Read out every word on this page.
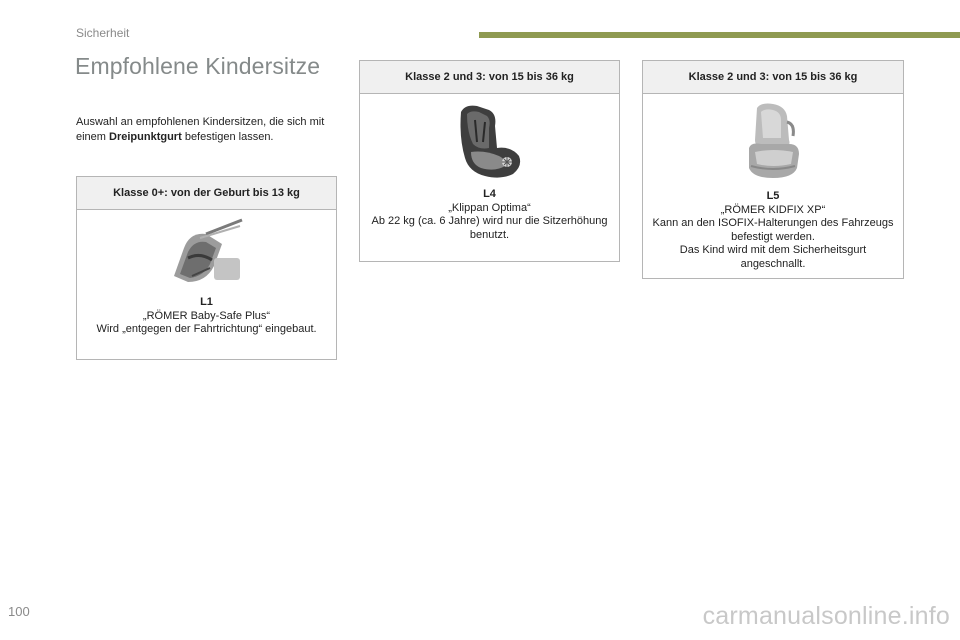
Sicherheit
Empfohlene Kindersitze
Auswahl an empfohlenen Kindersitzen, die sich mit einem Dreipunktgurt befestigen lassen.
Klasse 0+: von der Geburt bis 13 kg
L1
„RÖMER Baby-Safe Plus“
Wird „entgegen der Fahrtrichtung“ eingebaut.
Klasse 2 und 3: von 15 bis 36 kg
L4
„Klippan Optima“
Ab 22 kg (ca. 6 Jahre) wird nur die Sitzerhöhung benutzt.
Klasse 2 und 3: von 15 bis 36 kg
L5
„RÖMER KIDFIX XP“
Kann an den ISOFIX-Halterungen des Fahrzeugs befestigt werden.
Das Kind wird mit dem Sicherheitsgurt angeschnallt.
100	carmanualsonline.info
